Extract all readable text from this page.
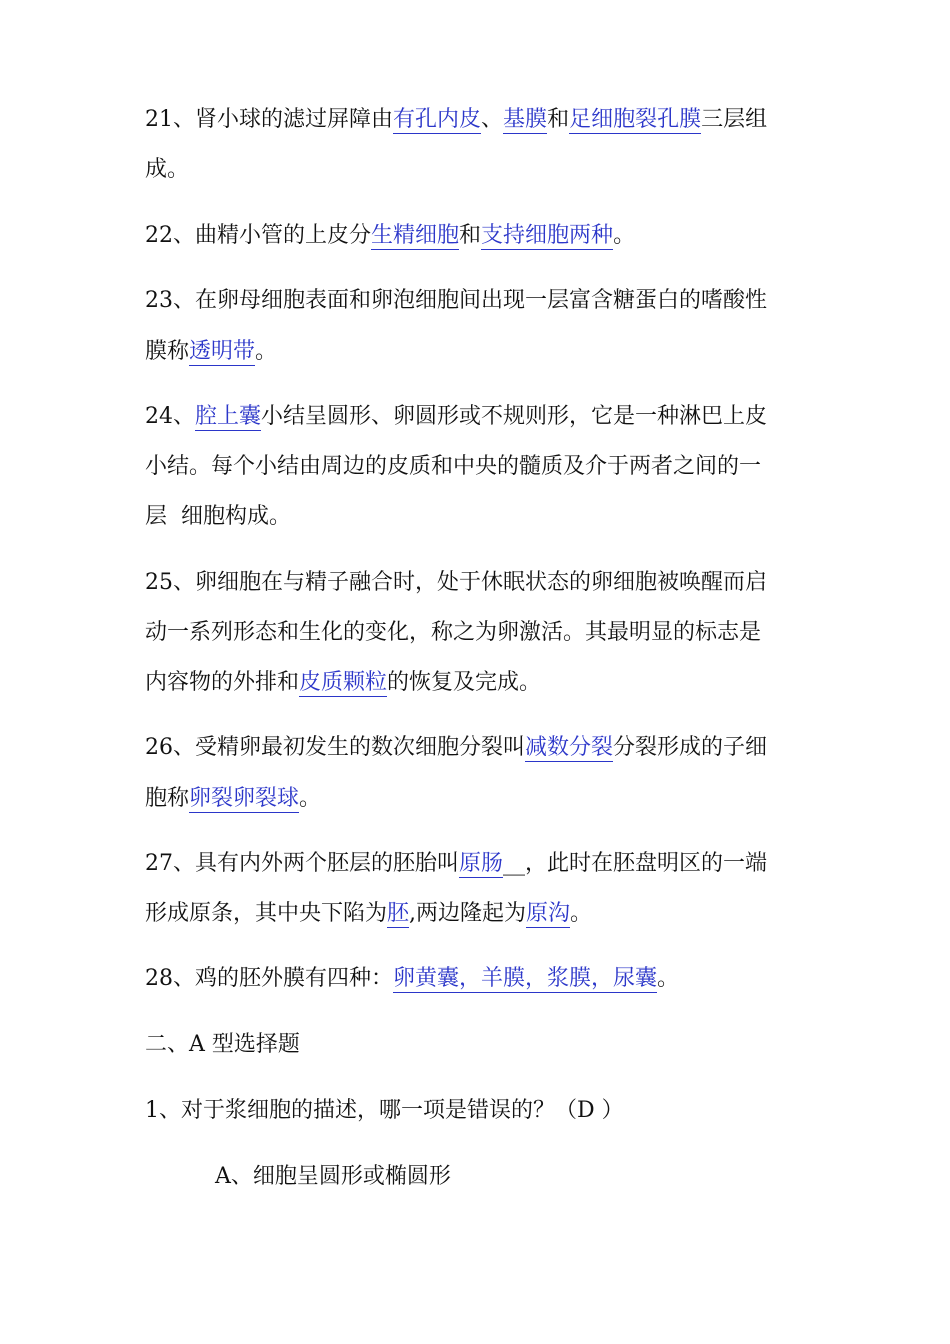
21、肾小球的滤过屏障由有孔内皮、基膜和足细胞裂孔膜三层组
成。
22、曲精小管的上皮分生精细胞和支持细胞两种。
23、在卵母细胞表面和卵泡细胞间出现一层富含糖蛋白的嗜酸性
膜称透明带。
24、腔上囊小结呈圆形、卵圆形或不规则形，它是一种淋巴上皮
小结。每个小结由周边的皮质和中央的髓质及介于两者之间的一
层  细胞构成。
25、卵细胞在与精子融合时，处于休眠状态的卵细胞被唤醒而启
动一系列形态和生化的变化，称之为卵激活。其最明显的标志是
内容物的外排和皮质颗粒的恢复及完成。
26、受精卵最初发生的数次细胞分裂叫减数分裂分裂形成的子细
胞称卵裂卵裂球。
27、具有内外两个胚层的胚胎叫原肠__，此时在胚盘明区的一端
形成原条，其中央下陷为胚,两边隆起为原沟。
28、鸡的胚外膜有四种：卵黄囊，羊膜，浆膜，尿囊。
二、A 型选择题
1、对于浆细胞的描述，哪一项是错误的？（D ）
A、细胞呈圆形或椭圆形
